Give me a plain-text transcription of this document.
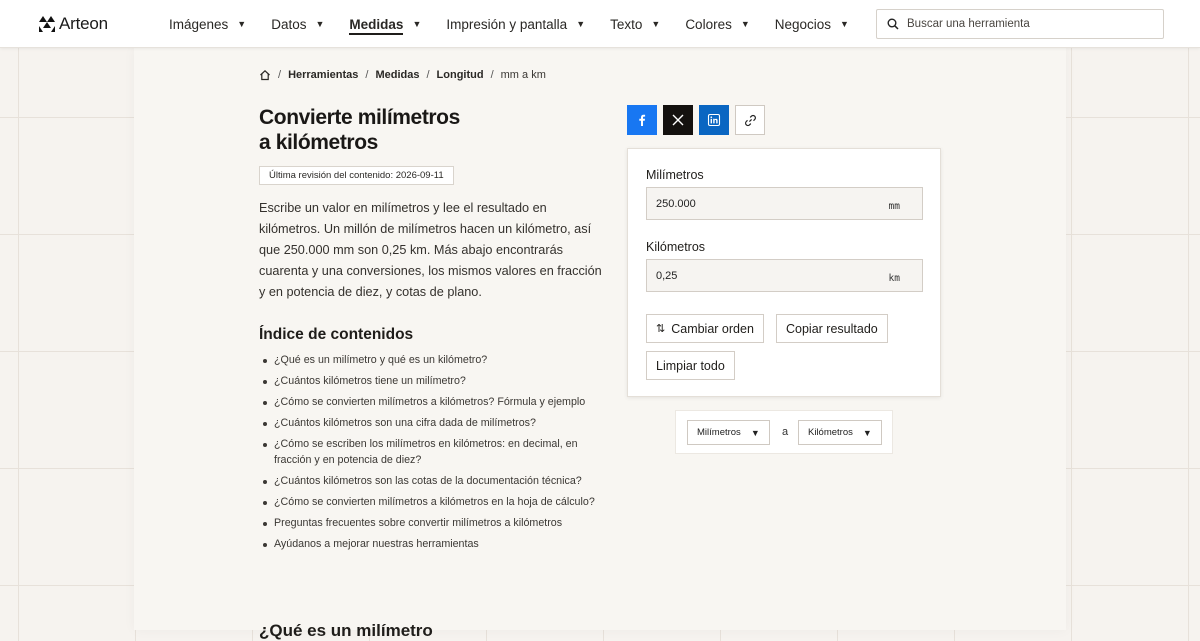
Arteon	Imágenes ▼ Datos ▼ Medidas ▼ Impresión y pantalla ▼ Texto ▼ Colores ▼ Negocios ▼
Buscar una herramienta
/ Herramientas / Medidas / Longitud / mm a km
Convierte milímetros
a kilómetros
Última revisión del contenido: 2026-09-11

Escribe un valor en milímetros y lee el resultado en kilómetros. Un millón de milímetros hacen un kilómetro, así que 250.000 mm son 0,25 km. Más abajo encontrarás cuarenta y una conversiones, los mismos valores en fracción y en potencia de diez, y cotas de plano.

Índice de contenidos
¿Qué es un milímetro y qué es un kilómetro?
¿Cuántos kilómetros tiene un milímetro?
¿Cómo se convierten milímetros a kilómetros? Fórmula y ejemplo
¿Cuántos kilómetros son una cifra dada de milímetros?
¿Cómo se escriben los milímetros en kilómetros: en decimal, en fracción y en potencia de diez?
¿Cuántos kilómetros son las cotas de la documentación técnica?
¿Cómo se convierten milímetros a kilómetros en la hoja de cálculo?
Preguntas frecuentes sobre convertir milímetros a kilómetros
Ayúdanos a mejorar nuestras herramientas
¿Qué es un milímetro
Milímetros
250.000
mm
Kilómetros
0,25
km
⇅ Cambiar orden	Copiar resultado
Limpiar todo
Milímetros ▼ a Kilómetros ▼
